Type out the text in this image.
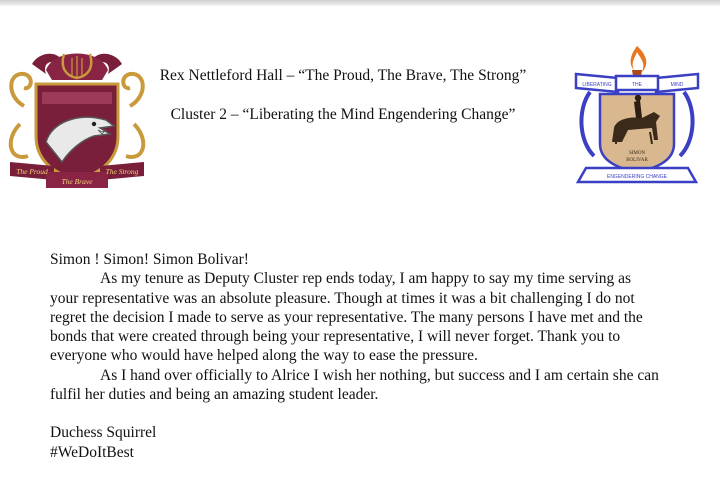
The Proud
The Brave
The Strong
Rex Nettleford Hall – “The Proud, The Brave, The Strong”
Cluster 2 – “Liberating the Mind Engendering Change”
LIBERATING	THE	MIND
SIMON
BOLIVAR
ENGENDERING CHANGE

Simon ! Simon! Simon Bolivar!

As my tenure as Deputy Cluster rep ends today, I am happy to say my time serving as your representative was an absolute pleasure. Though at times it was a bit challenging I do not regret the decision I made to serve as your representative. The many persons I have met and the bonds that were created through being your representative, I will never forget. Thank you to everyone who would have helped along the way to ease the pressure.

As I hand over officially to Alrice I wish her nothing, but success and I am certain she can fulfil her duties and being an amazing student leader.

Duchess Squirrel

#WeDoItBest
